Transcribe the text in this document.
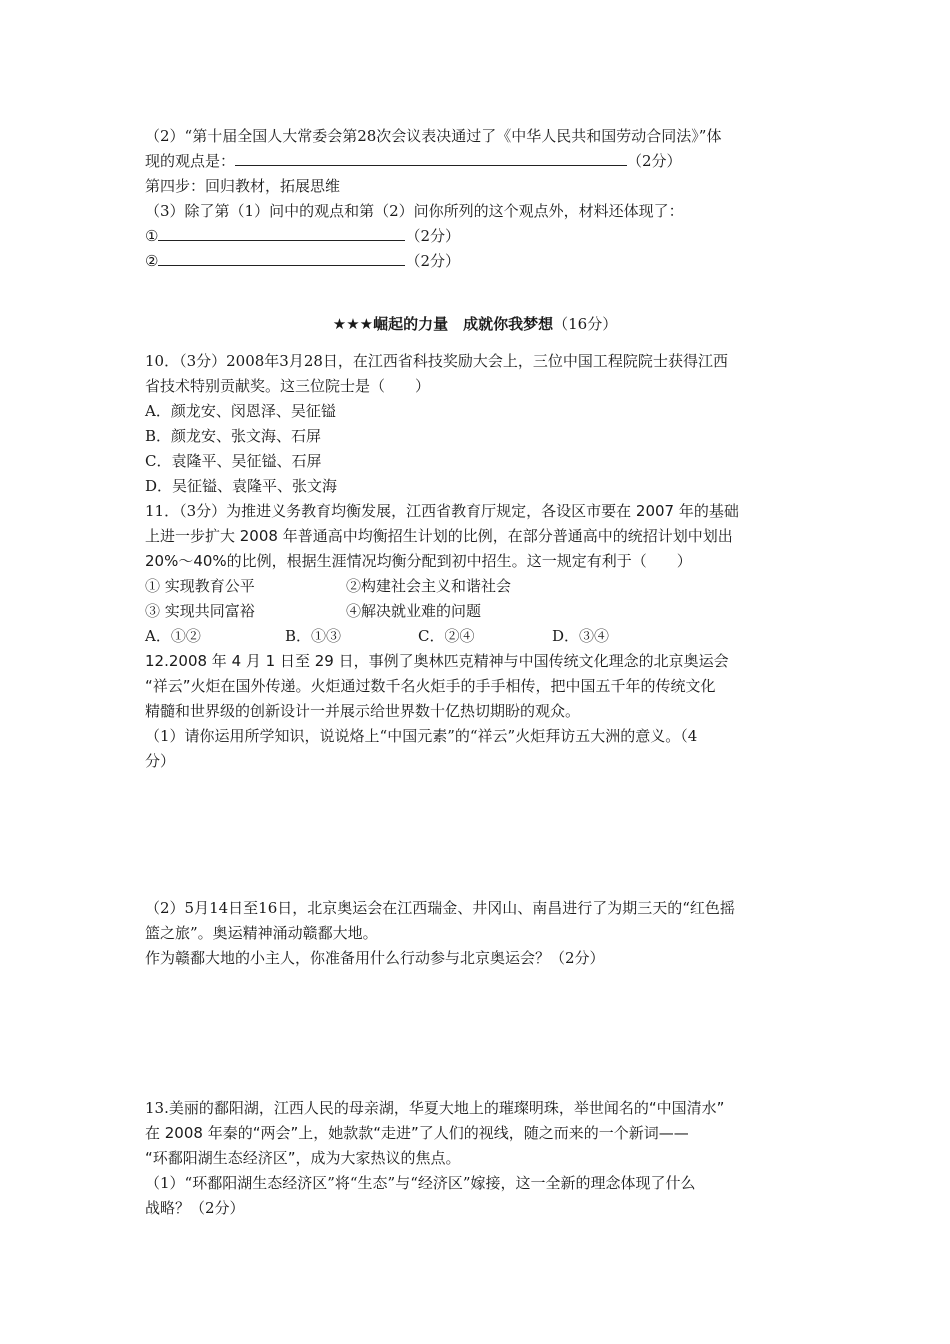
（2）“第十届全国人大常委会第28次会议表决通过了《中华人民共和国劳动合同法》”体
现的观点是：	（2分）
第四步：回归教材，拓展思维
（3）除了第（1）问中的观点和第（2）问你所列的这个观点外，材料还体现了：
①	（2分）
②	（2分）
★★★崛起的力量　成就你我梦想（16分）
10．（3分）2008年3月28日，在江西省科技奖励大会上，三位中国工程院院士获得江西
省技术特别贡献奖。这三位院士是（　　）
A．颜龙安、闵恩泽、吴征镒
B．颜龙安、张文海、石屏
C．袁隆平、吴征镒、石屏
D．吴征镒、袁隆平、张文海
11．（3分）为推进义务教育均衡发展，江西省教育厅规定，各设区市要在 2007 年的基础
上进一步扩大 2008 年普通高中均衡招生计划的比例，在部分普通高中的统招计划中划出
20%～40%的比例，根据生涯情况均衡分配到初中招生。这一规定有利于（　　）
① 实现教育公平	②构建社会主义和谐社会
③ 实现共同富裕	④解决就业难的问题
A．①②	B．①③	C．②④	D．③④
12.2008 年 4 月 1 日至 29 日，事例了奥林匹克精神与中国传统文化理念的北京奥运会
“祥云”火炬在国外传递。火炬通过数千名火炬手的手手相传，把中国五千年的传统文化
精髓和世界级的创新设计一并展示给世界数十亿热切期盼的观众。
（1）请你运用所学知识，说说烙上“中国元素”的“祥云”火炬拜访五大洲的意义。（4
分）
（2）5月14日至16日，北京奥运会在江西瑞金、井冈山、南昌进行了为期三天的“红色摇
篮之旅”。奥运精神涌动赣鄱大地。
作为赣鄱大地的小主人，你准备用什么行动参与北京奥运会？（2分）
13.美丽的鄱阳湖，江西人民的母亲湖，华夏大地上的璀璨明珠，举世闻名的“中国清水”
在 2008 年秦的“两会”上，她款款“走进”了人们的视线，随之而来的一个新词——
“环鄱阳湖生态经济区”，成为大家热议的焦点。
（1）“环鄱阳湖生态经济区”将“生态”与“经济区”嫁接，这一全新的理念体现了什么
战略？（2分）
